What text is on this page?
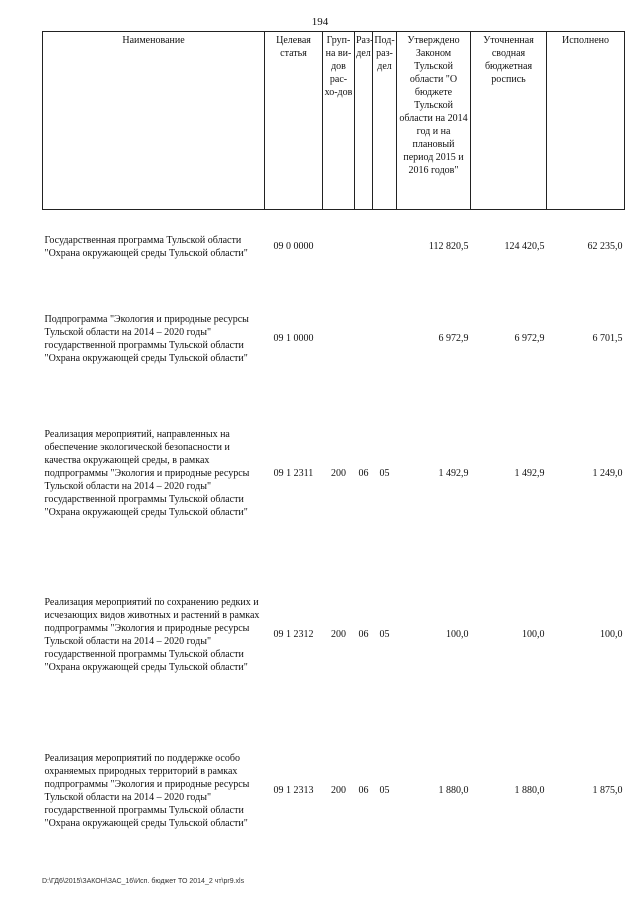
194
Наименование	Целевая статья	Груп-на ви-дов рас-хо-дов	Раз-дел	Под-раз-дел	Утверждено Законом Тульской области "О бюджете Тульской области на 2014 год и на плановый период 2015 и 2016 годов"	Уточненная сводная бюджетная роспись	Исполнено
Государственная программа Тульской области "Охрана окружающей среды Тульской области"	09 0 0000				112 820,5	124 420,5	62 235,0
Подпрограмма "Экология и природные ресурсы Тульской области на 2014 – 2020 годы" государственной программы Тульской области "Охрана окружающей среды Тульской области"	09 1 0000				6 972,9	6 972,9	6 701,5
Реализация мероприятий, направленных на обеспечение экологической безопасности и качества окружающей среды, в рамках подпрограммы "Экология и природные ресурсы Тульской области на 2014 – 2020 годы" государственной программы Тульской области "Охрана окружающей среды Тульской области"	09 1 2311	200	06	05	1 492,9	1 492,9	1 249,0
Реализация мероприятий по сохранению редких и исчезающих видов животных и растений в рамках подпрограммы "Экология и природные ресурсы Тульской области на 2014 – 2020 годы" государственной программы Тульской области "Охрана окружающей среды Тульской области"	09 1 2312	200	06	05	100,0	100,0	100,0
Реализация мероприятий по поддержке особо охраняемых природных территорий в рамках подпрограммы "Экология и природные ресурсы Тульской области на 2014 – 2020 годы" государственной программы Тульской области "Охрана окружающей среды Тульской области"	09 1 2313	200	06	05	1 880,0	1 880,0	1 875,0
D:\ГД6\2015\ЗАКОН\ЗАС_16\Исп. бюджет ТО 2014_2 чт\pr9.xls
